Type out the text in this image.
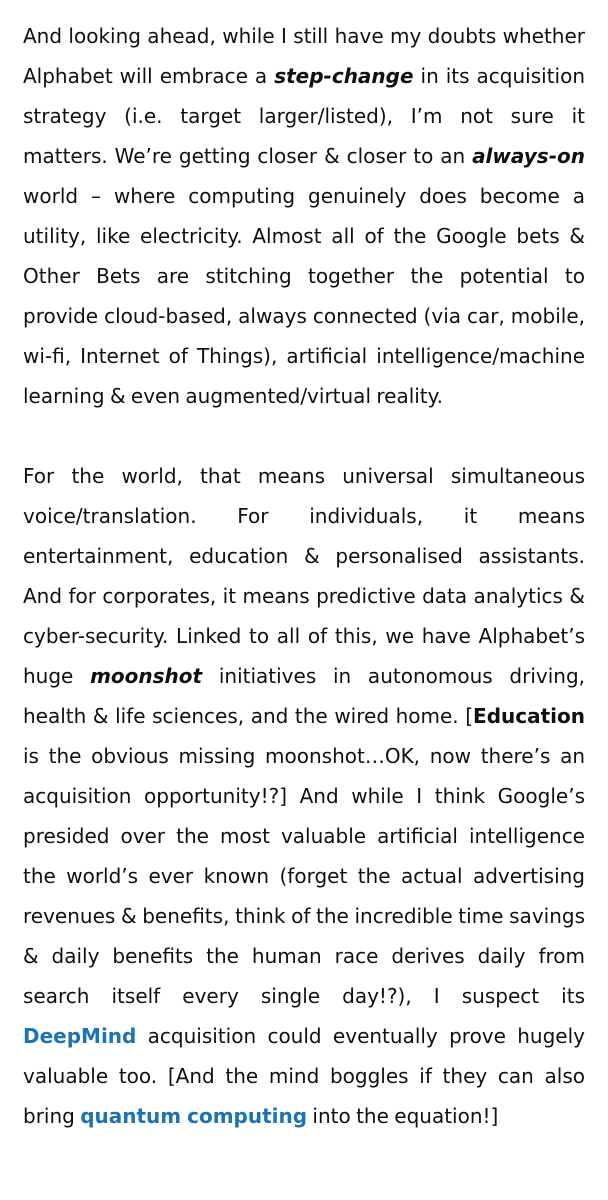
And looking ahead, while I still have my doubts whether Alphabet will embrace a step-change in its acquisition strategy (i.e. target larger/listed), I’m not sure it matters. We’re getting closer & closer to an always-on world – where computing genuinely does become a utility, like electricity. Almost all of the Google bets & Other Bets are stitching together the potential to provide cloud-based, always connected (via car, mobile, wi-fi, Internet of Things), artificial intelligence/machine learning & even augmented/virtual reality.

For the world, that means universal simultaneous voice/translation. For individuals, it means entertainment, education & personalised assistants. And for corporates, it means predictive data analytics & cyber-security. Linked to all of this, we have Alphabet’s huge moonshot initiatives in autonomous driving, health & life sciences, and the wired home. [Education is the obvious missing moonshot…OK, now there’s an acquisition opportunity!?] And while I think Google’s presided over the most valuable artificial intelligence the world’s ever known (forget the actual advertising revenues & benefits, think of the incredible time savings & daily benefits the human race derives daily from search itself every single day!?), I suspect its DeepMind acquisition could eventually prove hugely valuable too. [And the mind boggles if they can also bring quantum computing into the equation!]
